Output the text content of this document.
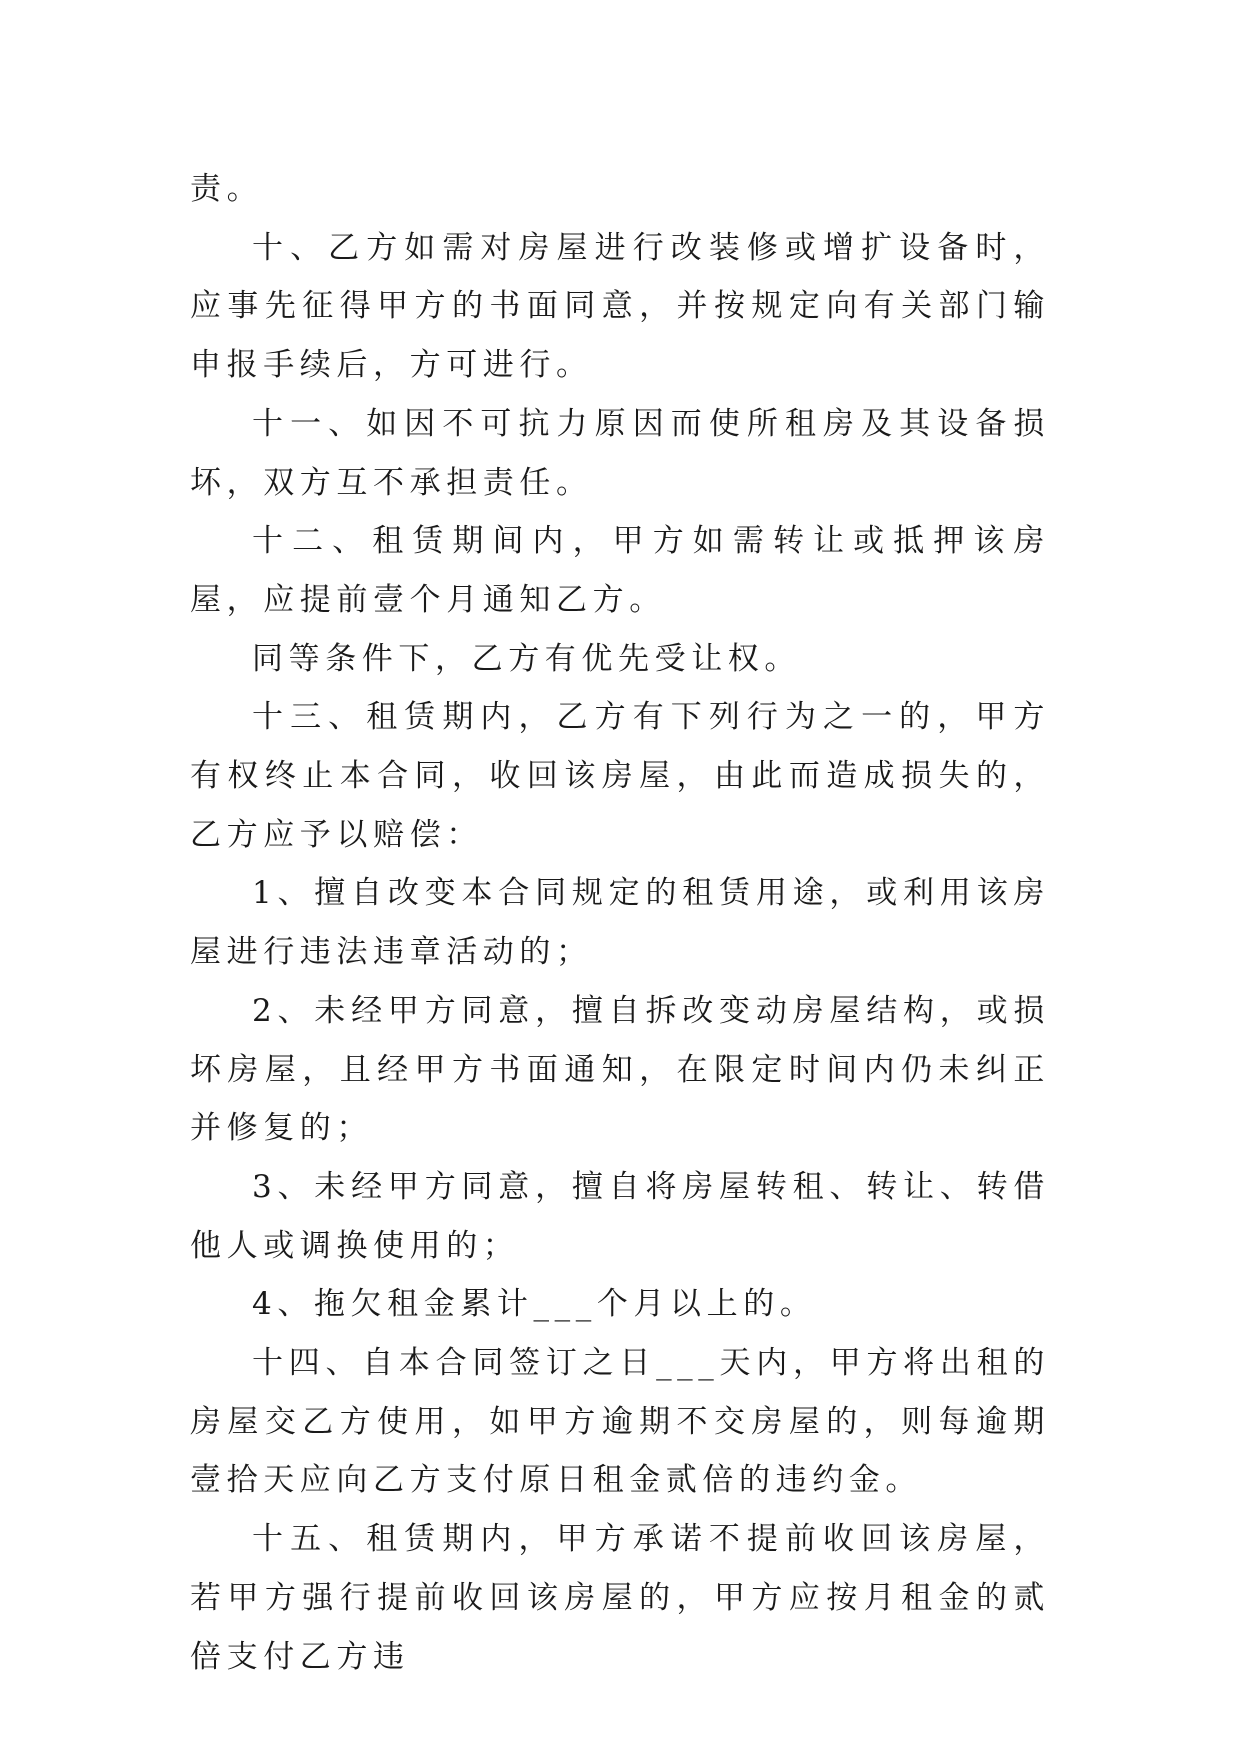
责。

十、乙方如需对房屋进行改装修或增扩设备时，应事先征得甲方的书面同意，并按规定向有关部门输申报手续后，方可进行。

十一、如因不可抗力原因而使所租房及其设备损坏，双方互不承担责任。

十二、租赁期间内，甲方如需转让或抵押该房屋，应提前壹个月通知乙方。

同等条件下，乙方有优先受让权。

十三、租赁期内，乙方有下列行为之一的，甲方有权终止本合同，收回该房屋，由此而造成损失的，乙方应予以赔偿：

1、擅自改变本合同规定的租赁用途，或利用该房屋进行违法违章活动的；

2、未经甲方同意，擅自拆改变动房屋结构，或损坏房屋，且经甲方书面通知，在限定时间内仍未纠正并修复的；

3、未经甲方同意，擅自将房屋转租、转让、转借他人或调换使用的；

4、拖欠租金累计___个月以上的。

十四、自本合同签订之日___天内，甲方将出租的房屋交乙方使用，如甲方逾期不交房屋的，则每逾期壹拾天应向乙方支付原日租金贰倍的违约金。

十五、租赁期内，甲方承诺不提前收回该房屋，若甲方强行提前收回该房屋的，甲方应按月租金的贰倍支付乙方违
